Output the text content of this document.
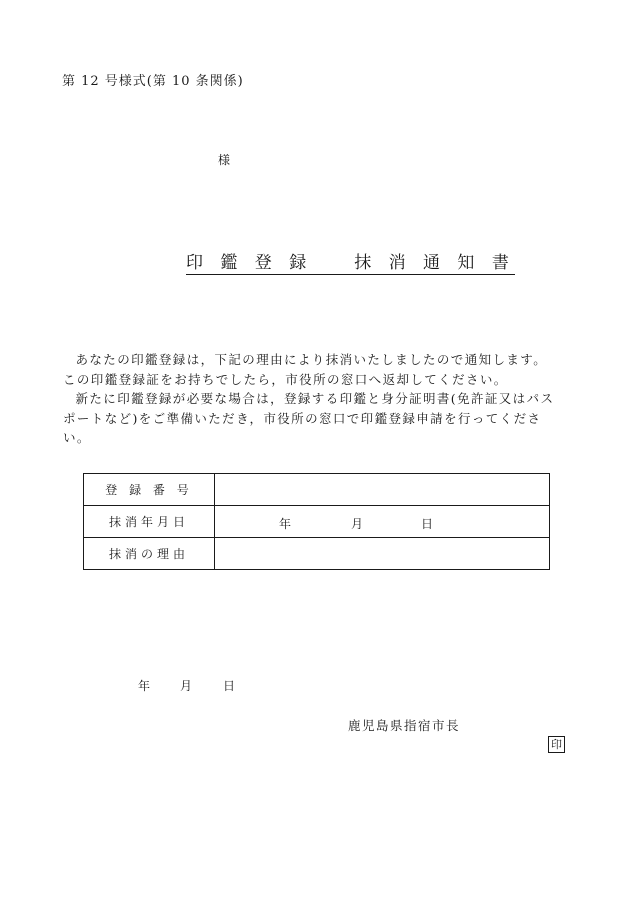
第 12 号様式(第 10 条関係)
様
印 鑑 登 録 抹 消 通 知 書

あなたの印鑑登録は，下記の理由により抹消いたしましたので通知します。

この印鑑登録証をお持ちでしたら，市役所の窓口へ返却してください。

新たに印鑑登録が必要な場合は，登録する印鑑と身分証明書(免許証又はパスポートなど)をご準備いただき，市役所の窓口で印鑑登録申請を行ってください。

登 録 番 号	
抹消年月日	年 月 日

抹消の理由	
年 月	日
鹿児島県指宿市長
印
